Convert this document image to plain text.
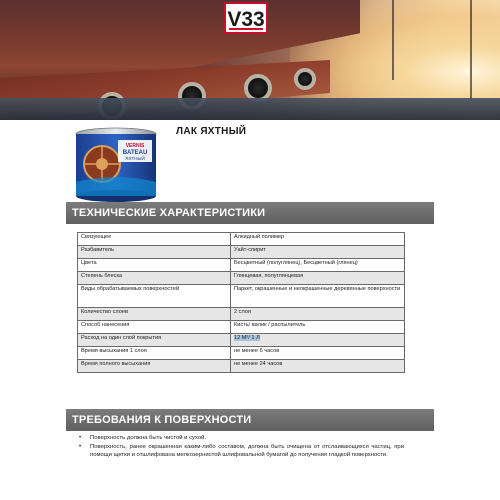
V33
VERNIS
BATEAU
ЯХТНЫЙ
ЛАК ЯХТНЫЙ
ТЕХНИЧЕСКИЕ ХАРАКТЕРИСТИКИ
Связующее	Алкидный полимер
Разбавитель	Уайт-спирит
Цвета	Бесцветный (полуглянец), Бесцветный (глянец)
Степень блеска	Глянцевая, полуглянцевая
Виды обрабатываемых поверхностей	Паркет, окрашенные и неокрашенные деревянные поверхности
Количество слоев	2 слоя
Способ нанесения	Кисть/ валик / распылитель
Расход на один слой покрытия	12 М²/ 1 Л
Время высыхания 1 слоя	не менее 6 часов
Время полного высыхания	не менее 24 часов
ТРЕБОВАНИЯ К ПОВЕРХНОСТИ
• Поверхность должна быть чистой и сухой.
• Поверхность, ранее окрашенная каким-либо составом, должна быть очищена от отслаивающихся частиц, при помощи щетки и отшлифована мелкозернистой шлифовальной бумагой до получения гладкой поверхности.
